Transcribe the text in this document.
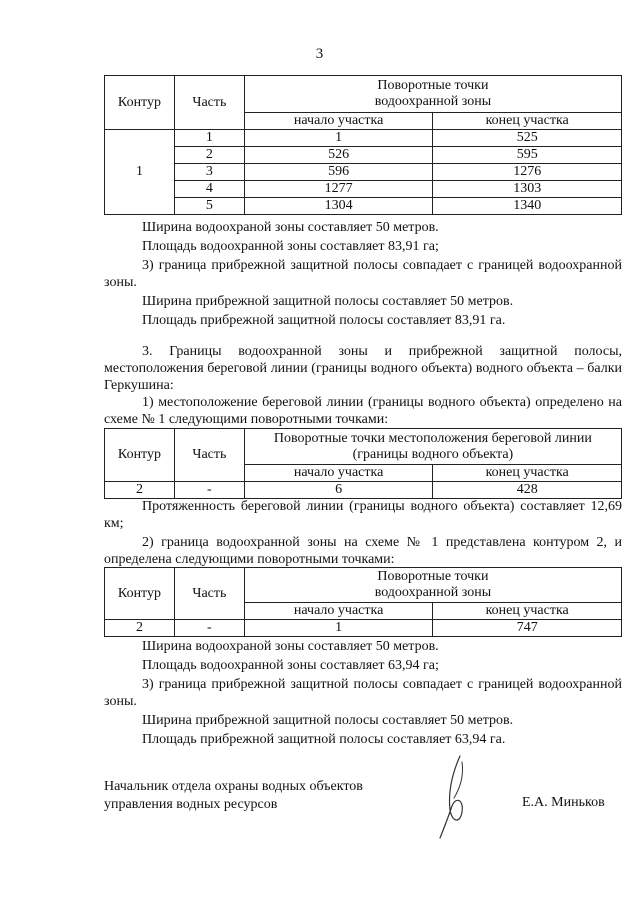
3
Контур	Часть	Поворотные точки
водоохранной зоны	

		начало участка	конец участка
1	1	1	525
	2	526	595
	3	596	1276
	4	1277	1303
	5	1304	1340
Ширина водоохраной зоны составляет 50 метров.
Площадь водоохранной зоны составляет 83,91 га;
3) граница прибрежной защитной полосы совпадает с границей водоохранной зоны.
Ширина прибрежной защитной полосы составляет 50 метров.
Площадь прибрежной защитной полосы составляет 83,91 га.
3. Границы водоохранной зоны и прибрежной защитной полосы, местоположения береговой линии (границы водного объекта) водного объекта – балки Геркушина:
1) местоположение береговой линии (границы водного объекта) определено на схеме № 1 следующими поворотными точками:
Контур	Часть	Поворотные точки местоположения береговой линии
(границы водного объекта)	

		начало участка	конец участка
2	-	6	428
Протяженность береговой линии (границы водного объекта) составляет 12,69 км;
2) граница водоохранной зоны на схеме № 1 представлена контуром 2, и определена следующими поворотными точками:
Контур	Часть	Поворотные точки
водоохранной зоны	

		начало участка	конец участка
2	-	1	747
Ширина водоохраной зоны составляет 50 метров.
Площадь водоохранной зоны составляет 63,94 га;
3) граница прибрежной защитной полосы совпадает с границей водоохранной зоны.
Ширина прибрежной защитной полосы составляет 50 метров.
Площадь прибрежной защитной полосы составляет 63,94 га.
Начальник отдела охраны водных объектов
управления водных ресурсов	Е.А. Миньков
